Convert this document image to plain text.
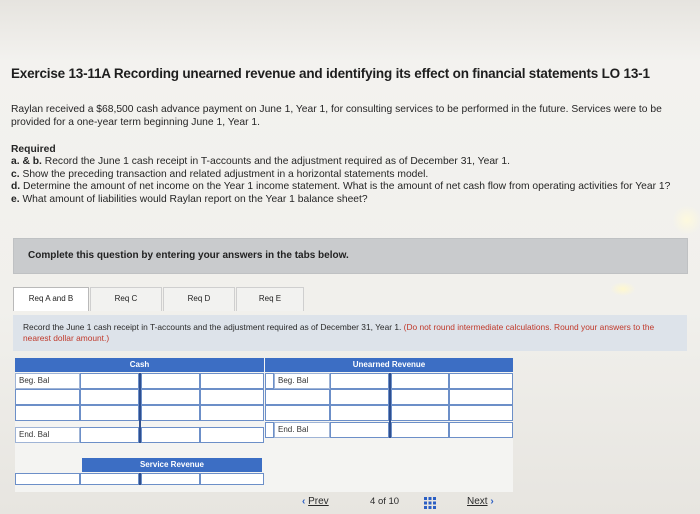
Exercise 13-11A Recording unearned revenue and identifying its effect on financial statements LO 13-1
Raylan received a $68,500 cash advance payment on June 1, Year 1, for consulting services to be performed in the future. Services were to be provided for a one-year term beginning June 1, Year 1.
Required
a. & b. Record the June 1 cash receipt in T-accounts and the adjustment required as of December 31, Year 1.
c. Show the preceding transaction and related adjustment in a horizontal statements model.
d. Determine the amount of net income on the Year 1 income statement. What is the amount of net cash flow from operating activities for Year 1?
e. What amount of liabilities would Raylan report on the Year 1 balance sheet?
Complete this question by entering your answers in the tabs below.
Req A and B	Req C	Req D	Req E
Record the June 1 cash receipt in T-accounts and the adjustment required as of December 31, Year 1. (Do not round intermediate calculations. Round your answers to the nearest dollar amount.)
Cash	Unearned Revenue
Beg. Bal
End. Bal
Beg. Bal
End. Bal
Service Revenue
‹ Prev	4 of 10	Next ›
